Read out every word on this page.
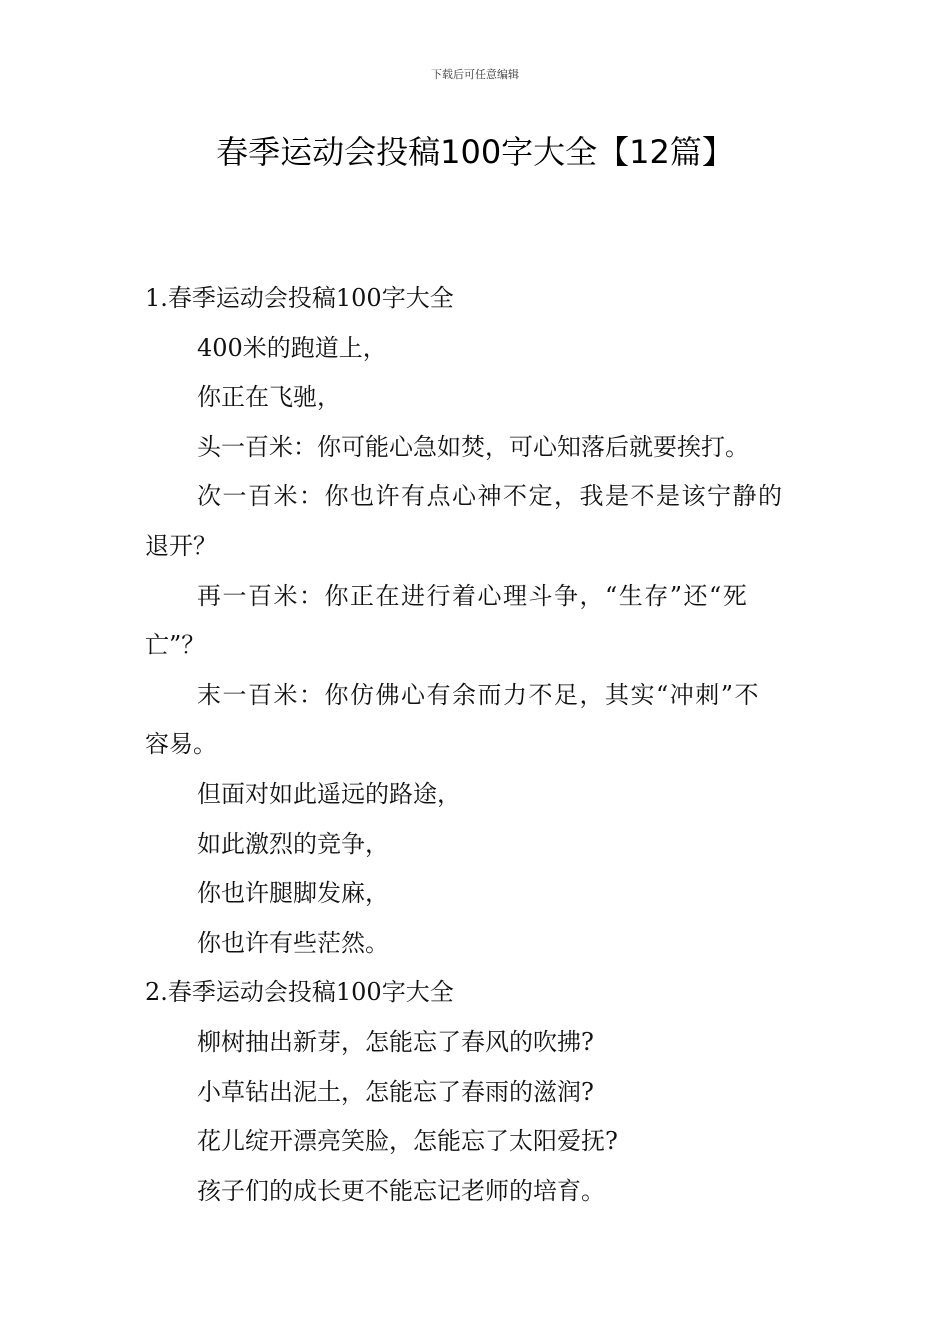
下载后可任意编辑
春季运动会投稿100字大全【12篇】

1.春季运动会投稿100字大全

400米的跑道上，

你正在飞驰，

头一百米：你可能心急如焚，可心知落后就要挨打。

次一百米：你也许有点心神不定，我是不是该宁静的

退开？

再一百米：你正在进行着心理斗争，“生存”还“死

亡”？

末一百米：你仿佛心有余而力不足，其实“冲刺”不

容易。

但面对如此遥远的路途，

如此激烈的竞争，

你也许腿脚发麻，

你也许有些茫然。

2.春季运动会投稿100字大全

柳树抽出新芽，怎能忘了春风的吹拂?

小草钻出泥土，怎能忘了春雨的滋润?

花儿绽开漂亮笑脸，怎能忘了太阳爱抚?

孩子们的成长更不能忘记老师的培育。
